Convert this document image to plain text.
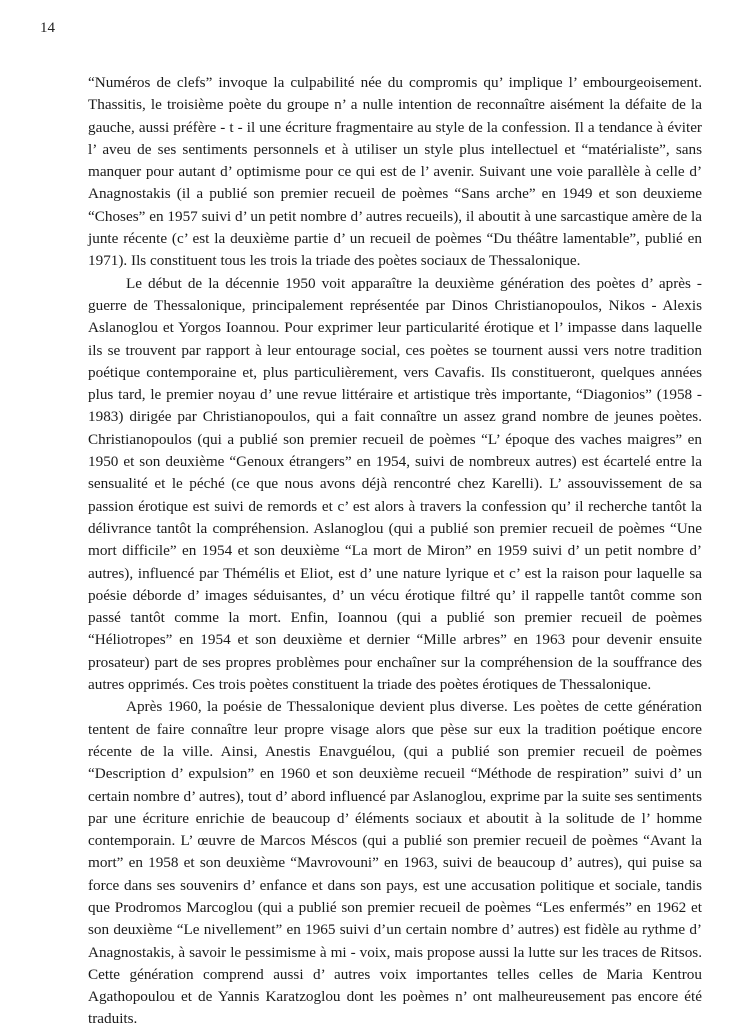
14

“Numéros de clefs” invoque la culpabilité née du compromis qu’ implique l’ embourgeoisement. Thassitis, le troisième poète du groupe n’ a nulle intention de reconnaître aisément la défaite de la gauche, aussi préfère - t - il une écriture fragmentaire au style de la confession. Il a tendance à éviter l’ aveu de ses sentiments personnels et à utiliser un style plus intellectuel et “matérialiste”, sans manquer pour autant d’ optimisme pour ce qui est de l’ avenir. Suivant une voie parallèle à celle d’ Anagnostakis (il a publié son premier recueil de poèmes “Sans arche” en 1949 et son deuxieme “Choses” en 1957 suivi d’ un petit nombre d’ autres recueils), il aboutit à une sarcastique amère de la junte récente (c’ est la deuxième partie d’ un recueil de poèmes “Du théâtre lamentable”, publié en 1971). Ils constituent tous les trois la triade des poètes sociaux de Thessalonique.

Le début de la décennie 1950 voit apparaître la deuxième génération des poètes d’ après - guerre de Thessalonique, principalement représentée par Dinos Christianopoulos, Nikos - Alexis Aslanoglou et Yorgos Ioannou. Pour exprimer leur particularité érotique et l’ impasse dans laquelle ils se trouvent par rapport à leur entourage social, ces poètes se tournent aussi vers notre tradition poétique contemporaine et, plus particulièrement, vers Cavafis. Ils constitueront, quelques années plus tard, le premier noyau d’ une revue littéraire et artistique très importante, “Diagonios” (1958 - 1983) dirigée par Christianopoulos, qui a fait connaître un assez grand nombre de jeunes poètes. Christianopoulos (qui a publié son premier recueil de poèmes “L’ époque des vaches maigres” en 1950 et son deuxième “Genoux étrangers” en 1954, suivi de nombreux autres) est écartelé entre la sensualité et le péché (ce que nous avons déjà rencontré chez Karelli). L’ assouvissement de sa passion érotique est suivi de remords et c’ est alors à travers la confession qu’ il recherche tantôt la délivrance tantôt la compréhension. Aslanoglou (qui a publié son premier recueil de poèmes “Une mort difficile” en 1954 et son deuxième “La mort de Miron” en 1959 suivi d’ un petit nombre d’ autres), influencé par Thémélis et Eliot, est d’ une nature lyrique et c’ est la raison pour laquelle sa poésie déborde d’ images séduisantes, d’ un vécu érotique filtré qu’ il rappelle tantôt comme son passé tantôt comme la mort. Enfin, Ioannou (qui a publié son premier recueil de poèmes “Héliotropes” en 1954 et son deuxième et dernier “Mille arbres” en 1963 pour devenir ensuite prosateur) part de ses propres problèmes pour enchaîner sur la compréhension de la souffrance des autres opprimés. Ces trois poètes constituent la triade des poètes érotiques de Thessalonique.

Après 1960, la poésie de Thessalonique devient plus diverse. Les poètes de cette génération tentent de faire connaître leur propre visage alors que pèse sur eux la tradition poétique encore récente de la ville. Ainsi, Anestis Enavguélou, (qui a publié son premier recueil de poèmes “Description d’ expulsion” en 1960 et son deuxième recueil “Méthode de respiration” suivi d’ un certain nombre d’ autres), tout d’ abord influencé par Aslanoglou, exprime par la suite ses sentiments par une écriture enrichie de beaucoup d’ éléments sociaux et aboutit à la solitude de l’ homme contemporain. L’ œuvre de Marcos Méscos (qui a publié son premier recueil de poèmes “Avant la mort” en 1958 et son deuxième “Mavrovouni” en 1963, suivi de beaucoup d’ autres), qui puise sa force dans ses souvenirs d’ enfance et dans son pays, est une accusation politique et sociale, tandis que Prodromos Marcoglou (qui a publié son premier recueil de poèmes “Les enfermés” en 1962 et son deuxième “Le nivellement” en 1965 suivi d’un certain nombre d’ autres) est fidèle au rythme d’ Anagnostakis, à savoir le pessimisme à mi - voix, mais propose aussi la lutte sur les traces de Ritsos. Cette génération comprend aussi d’ autres voix importantes telles celles de Maria Kentrou Agathopoulou et de Yannis Karatzoglou dont les poèmes n’ ont malheureusement pas encore été traduits.
